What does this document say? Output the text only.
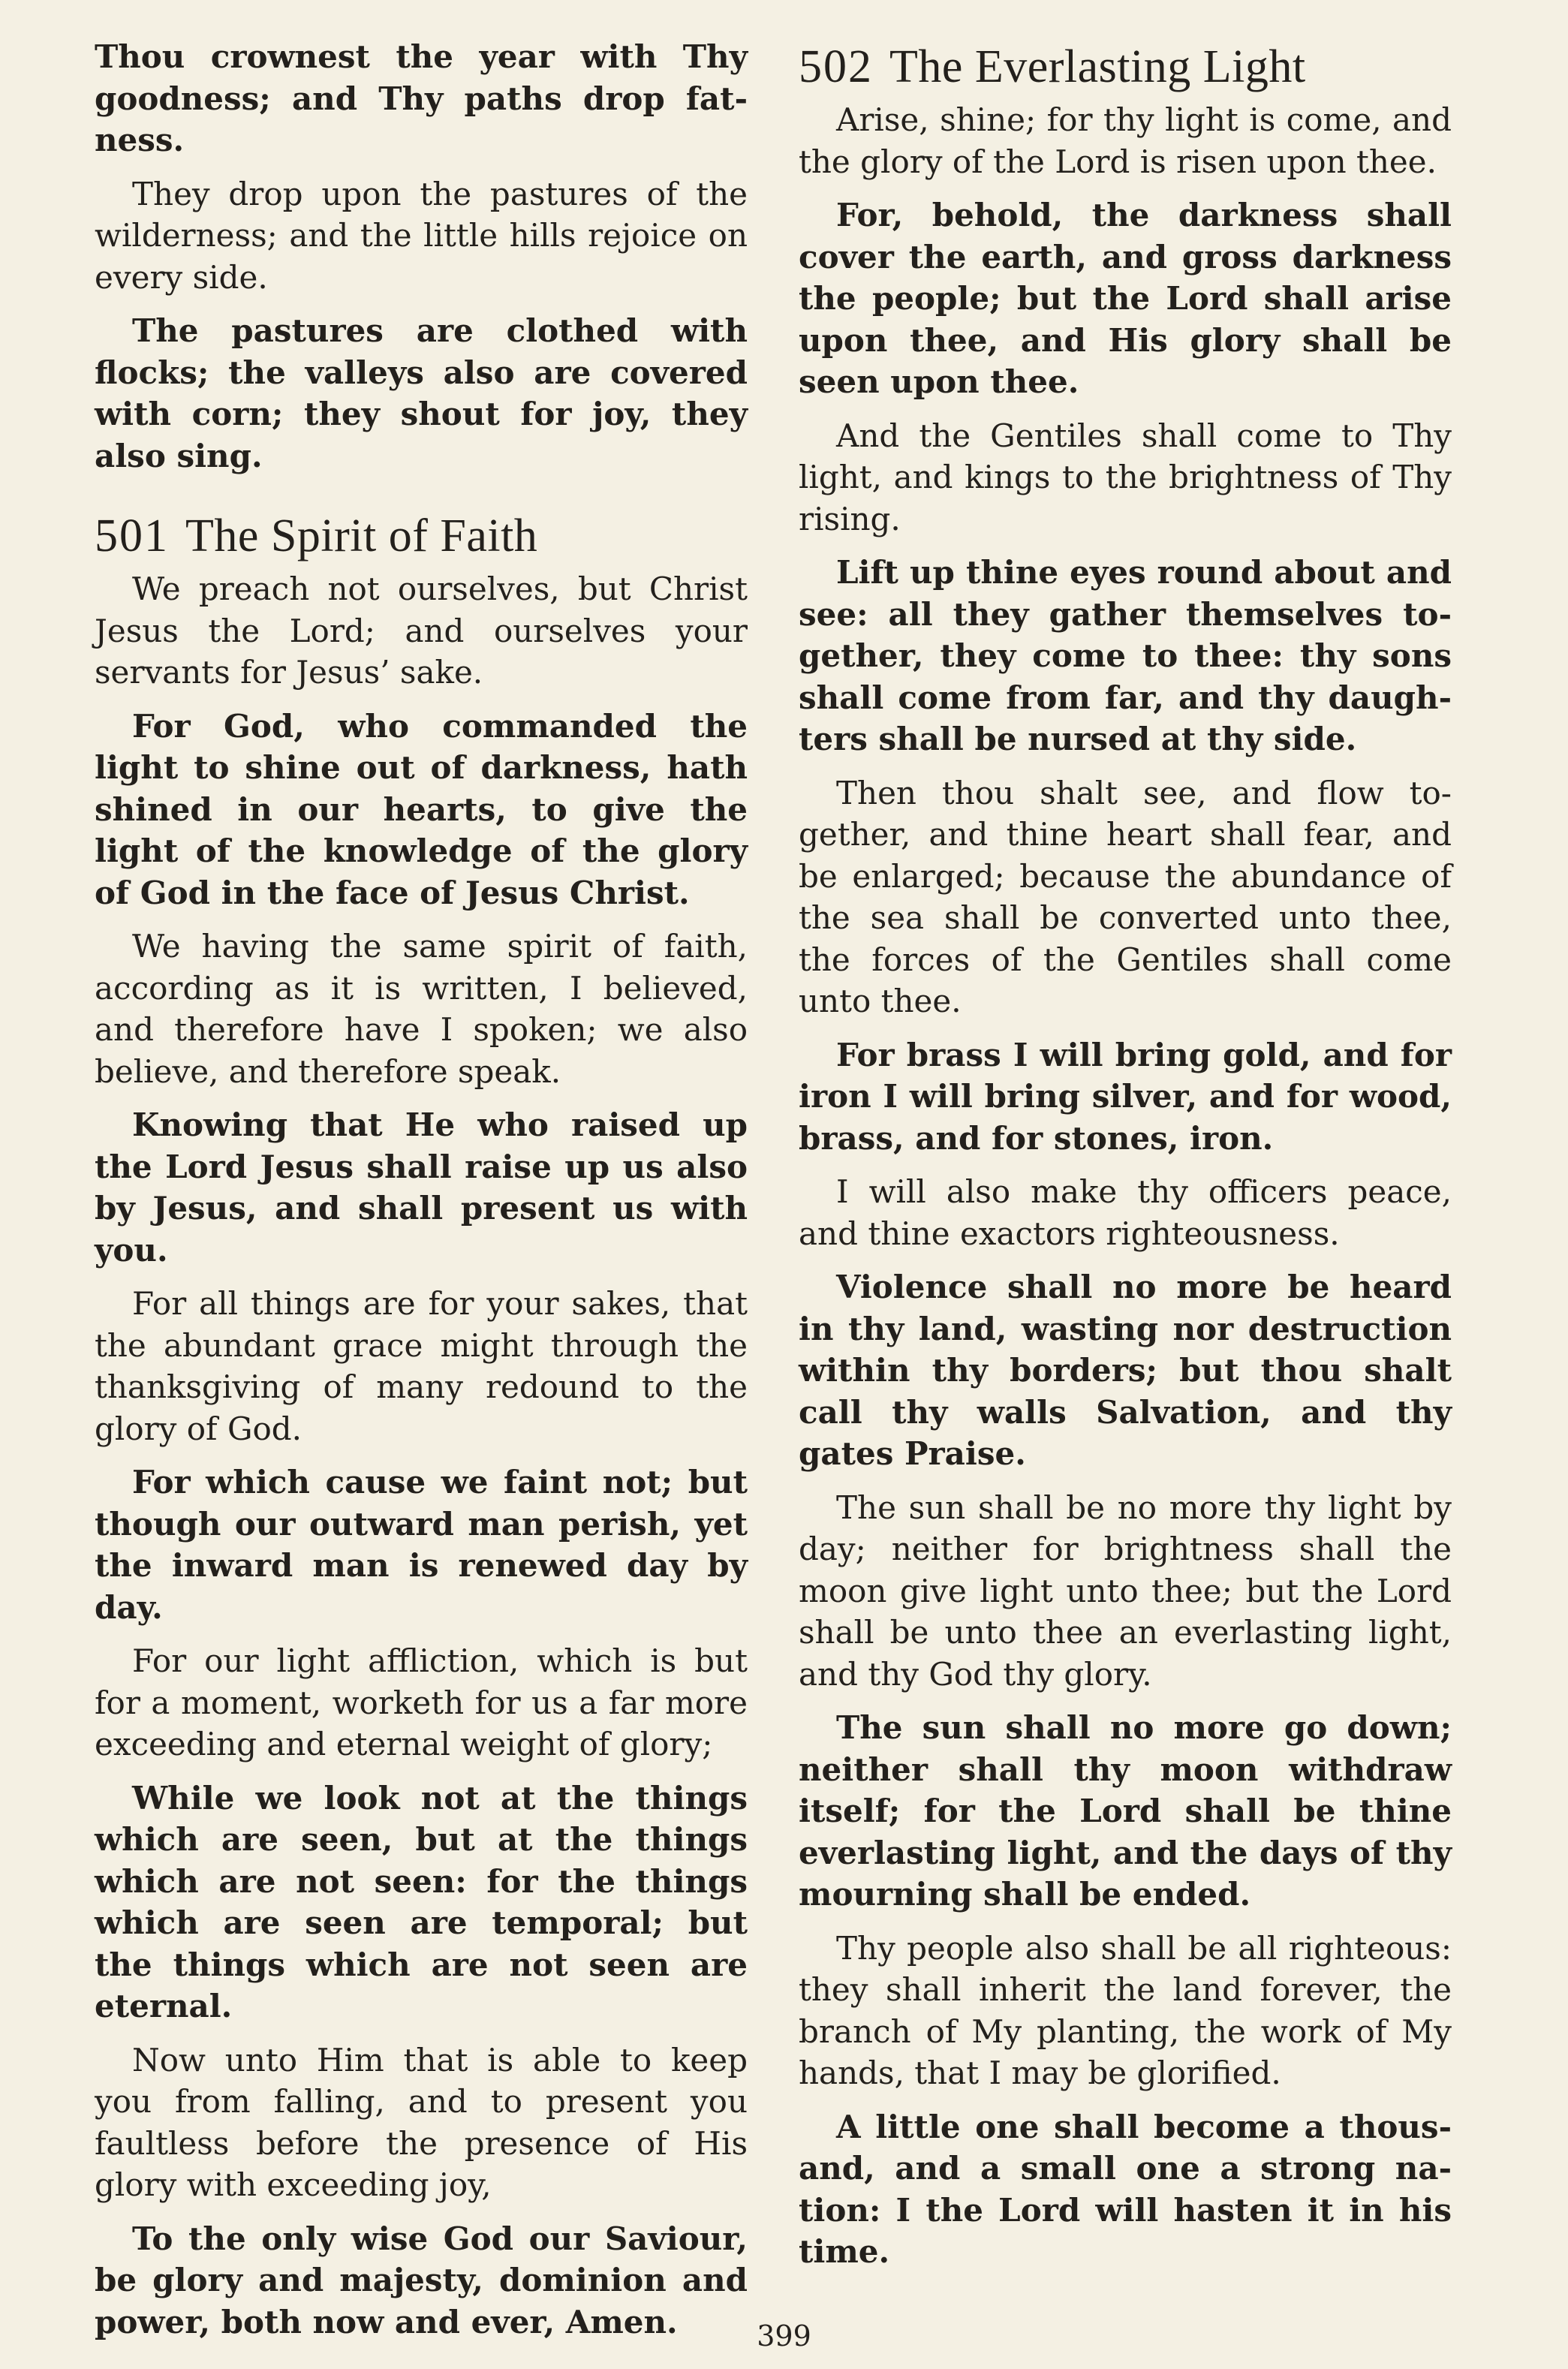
Thou crownest the year with Thy goodness; and Thy paths drop fatness.

They drop upon the pastures of the wilderness; and the little hills rejoice on every side.

The pastures are clothed with flocks; the valleys also are covered with corn; they shout for joy, they also sing.

501 The Spirit of Faith

We preach not ourselves, but Christ Jesus the Lord; and ourselves your servants for Jesus’ sake.

For God, who commanded the light to shine out of darkness, hath shined in our hearts, to give the light of the knowledge of the glory of God in the face of Jesus Christ.

We having the same spirit of faith, according as it is written, I believed, and therefore have I spoken; we also believe, and therefore speak.

Knowing that He who raised up the Lord Jesus shall raise up us also by Jesus, and shall present us with you.

For all things are for your sakes, that the abundant grace might through the thanksgiving of many redound to the glory of God.

For which cause we faint not; but though our outward man perish, yet the inward man is renewed day by day.

For our light affliction, which is but for a moment, worketh for us a far more exceeding and eternal weight of glory;

While we look not at the things which are seen, but at the things which are not seen: for the things which are seen are temporal; but the things which are not seen are eternal.

Now unto Him that is able to keep you from falling, and to present you faultless before the presence of His glory with exceeding joy,

To the only wise God our Saviour, be glory and majesty, dominion and power, both now and ever, Amen.

502 The Everlasting Light

Arise, shine; for thy light is come, and the glory of the Lord is risen upon thee.

For, behold, the darkness shall cover the earth, and gross darkness the people; but the Lord shall arise upon thee, and His glory shall be seen upon thee.

And the Gentiles shall come to Thy light, and kings to the brightness of Thy rising.

Lift up thine eyes round about and see: all they gather themselves together, they come to thee: thy sons shall come from far, and thy daughters shall be nursed at thy side.

Then thou shalt see, and flow together, and thine heart shall fear, and be enlarged; because the abundance of the sea shall be converted unto thee, the forces of the Gentiles shall come unto thee.

For brass I will bring gold, and for iron I will bring silver, and for wood, brass, and for stones, iron.

I will also make thy officers peace, and thine exactors righteousness.

Violence shall no more be heard in thy land, wasting nor destruction within thy borders; but thou shalt call thy walls Salvation, and thy gates Praise.

The sun shall be no more thy light by day; neither for brightness shall the moon give light unto thee; but the Lord shall be unto thee an everlasting light, and thy God thy glory.

The sun shall no more go down; neither shall thy moon withdraw itself; for the Lord shall be thine everlasting light, and the days of thy mourning shall be ended.

Thy people also shall be all righteous: they shall inherit the land forever, the branch of My planting, the work of My hands, that I may be glorified.

A little one shall become a thousand, and a small one a strong nation: I the Lord will hasten it in his time.

399
